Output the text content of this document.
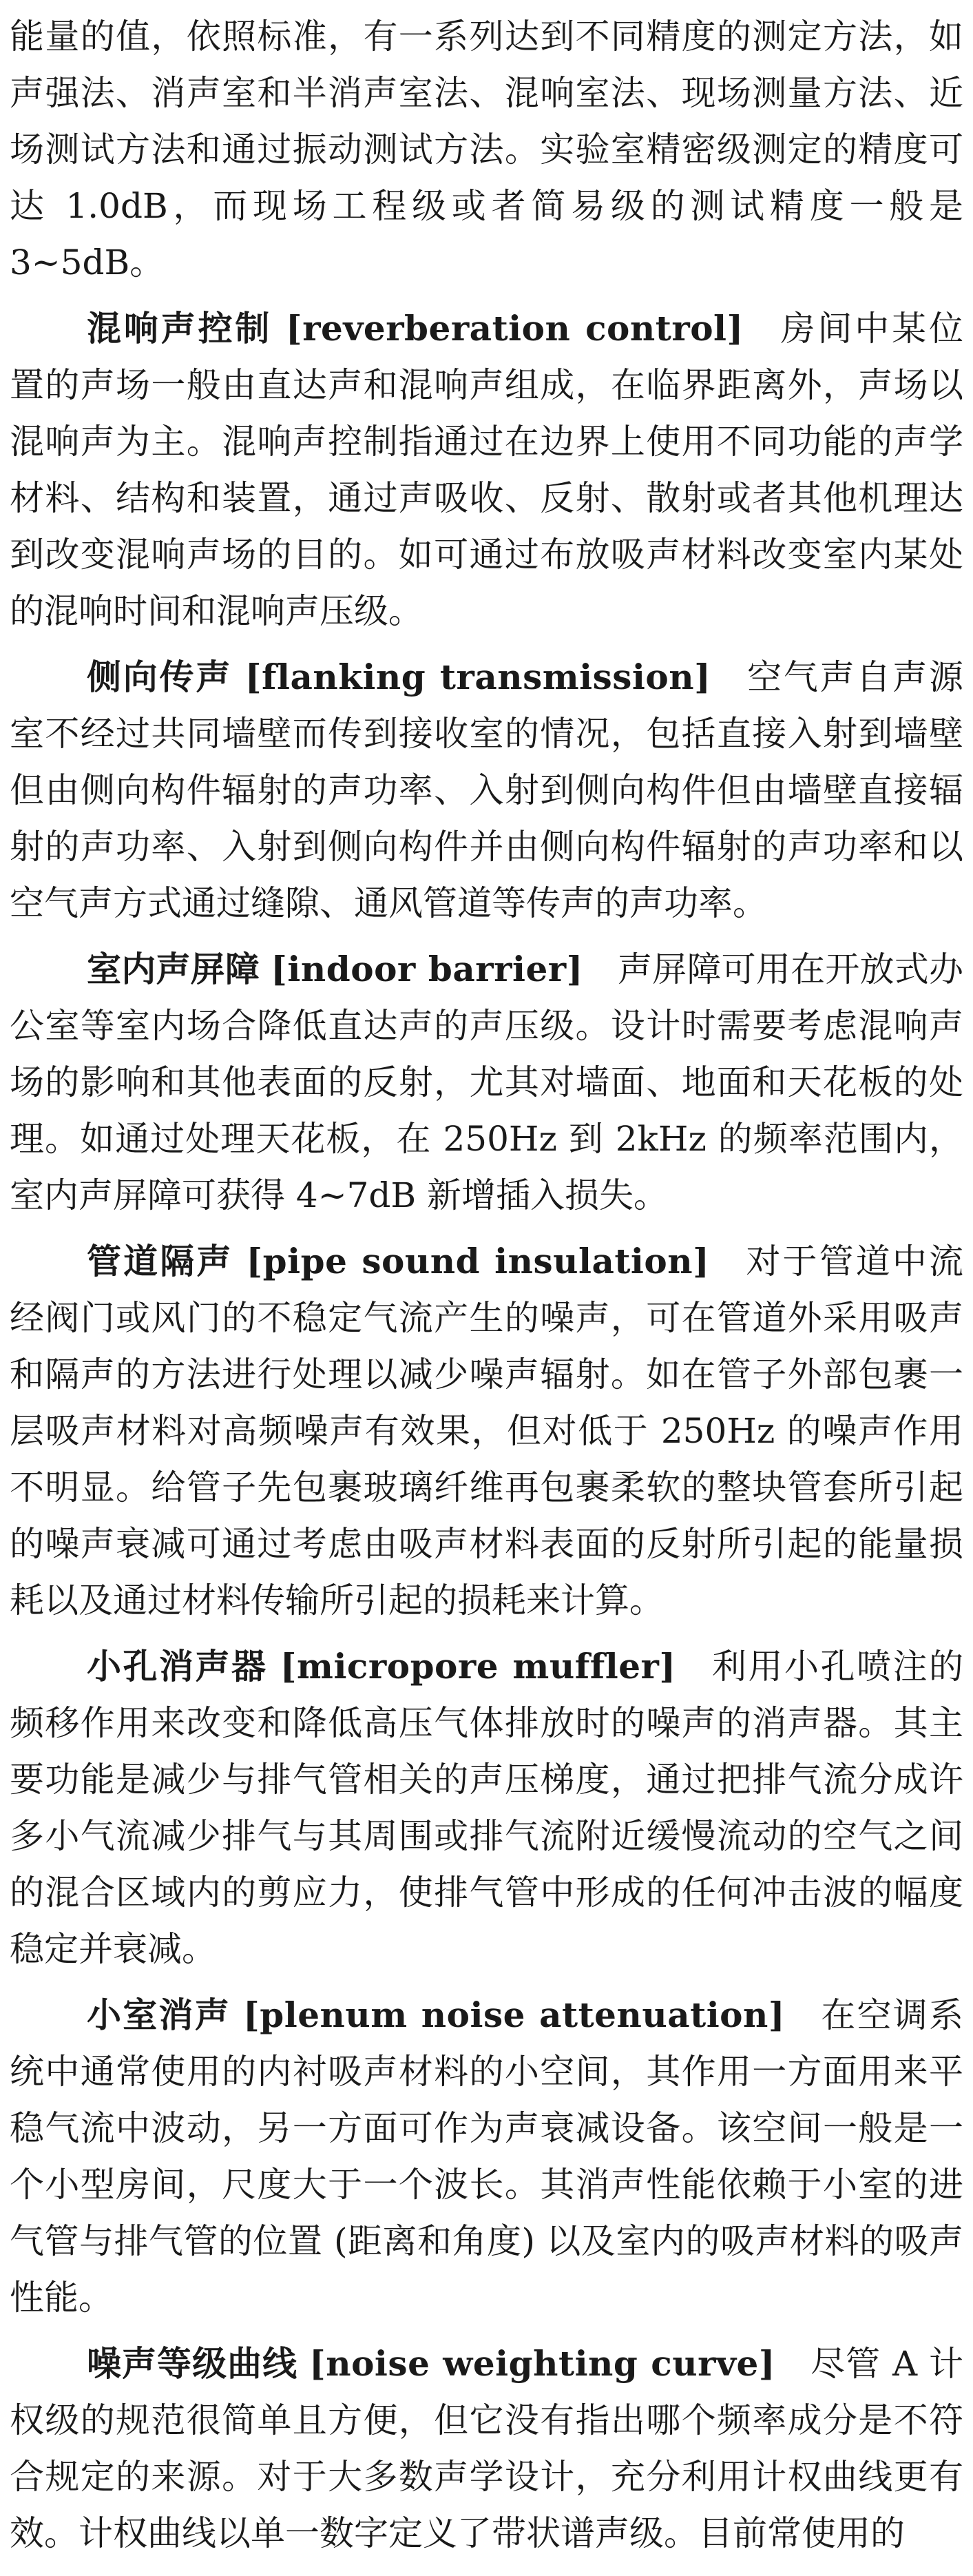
能量的值，依照标准，有一系列达到不同精度的测定方法，如声强法、消声室和半消声室法、混响室法、现场测量方法、近场测试方法和通过振动测试方法。实验室精密级测定的精度可达 1.0dB，而现场工程级或者简易级的测试精度一般是 3~5dB。

混响声控制 [reverberation control] 房间中某位置的声场一般由直达声和混响声组成，在临界距离外，声场以混响声为主。混响声控制指通过在边界上使用不同功能的声学材料、结构和装置，通过声吸收、反射、散射或者其他机理达到改变混响声场的目的。如可通过布放吸声材料改变室内某处的混响时间和混响声压级。

侧向传声 [flanking transmission] 空气声自声源室不经过共同墙壁而传到接收室的情况，包括直接入射到墙壁但由侧向构件辐射的声功率、入射到侧向构件但由墙壁直接辐射的声功率、入射到侧向构件并由侧向构件辐射的声功率和以空气声方式通过缝隙、通风管道等传声的声功率。

室内声屏障 [indoor barrier] 声屏障可用在开放式办公室等室内场合降低直达声的声压级。设计时需要考虑混响声场的影响和其他表面的反射，尤其对墙面、地面和天花板的处理。如通过处理天花板，在 250Hz 到 2kHz 的频率范围内，室内声屏障可获得 4~7dB 新增插入损失。

管道隔声 [pipe sound insulation] 对于管道中流经阀门或风门的不稳定气流产生的噪声，可在管道外采用吸声和隔声的方法进行处理以减少噪声辐射。如在管子外部包裹一层吸声材料对高频噪声有效果，但对低于 250Hz 的噪声作用不明显。给管子先包裹玻璃纤维再包裹柔软的整块管套所引起的噪声衰减可通过考虑由吸声材料表面的反射所引起的能量损耗以及通过材料传输所引起的损耗来计算。

小孔消声器 [micropore muffler] 利用小孔喷注的频移作用来改变和降低高压气体排放时的噪声的消声器。其主要功能是减少与排气管相关的声压梯度，通过把排气流分成许多小气流减少排气与其周围或排气流附近缓慢流动的空气之间的混合区域内的剪应力，使排气管中形成的任何冲击波的幅度稳定并衰减。

小室消声 [plenum noise attenuation] 在空调系统中通常使用的内衬吸声材料的小空间，其作用一方面用来平稳气流中波动，另一方面可作为声衰减设备。该空间一般是一个小型房间，尺度大于一个波长。其消声性能依赖于小室的进气管与排气管的位置 (距离和角度) 以及室内的吸声材料的吸声性能。

噪声等级曲线 [noise weighting curve] 尽管 A 计权级的规范很简单且方便，但它没有指出哪个频率成分是不符合规定的来源。对于大多数声学设计，充分利用计权曲线更有效。计权曲线以单一数字定义了带状谱声级。目前常使用的
